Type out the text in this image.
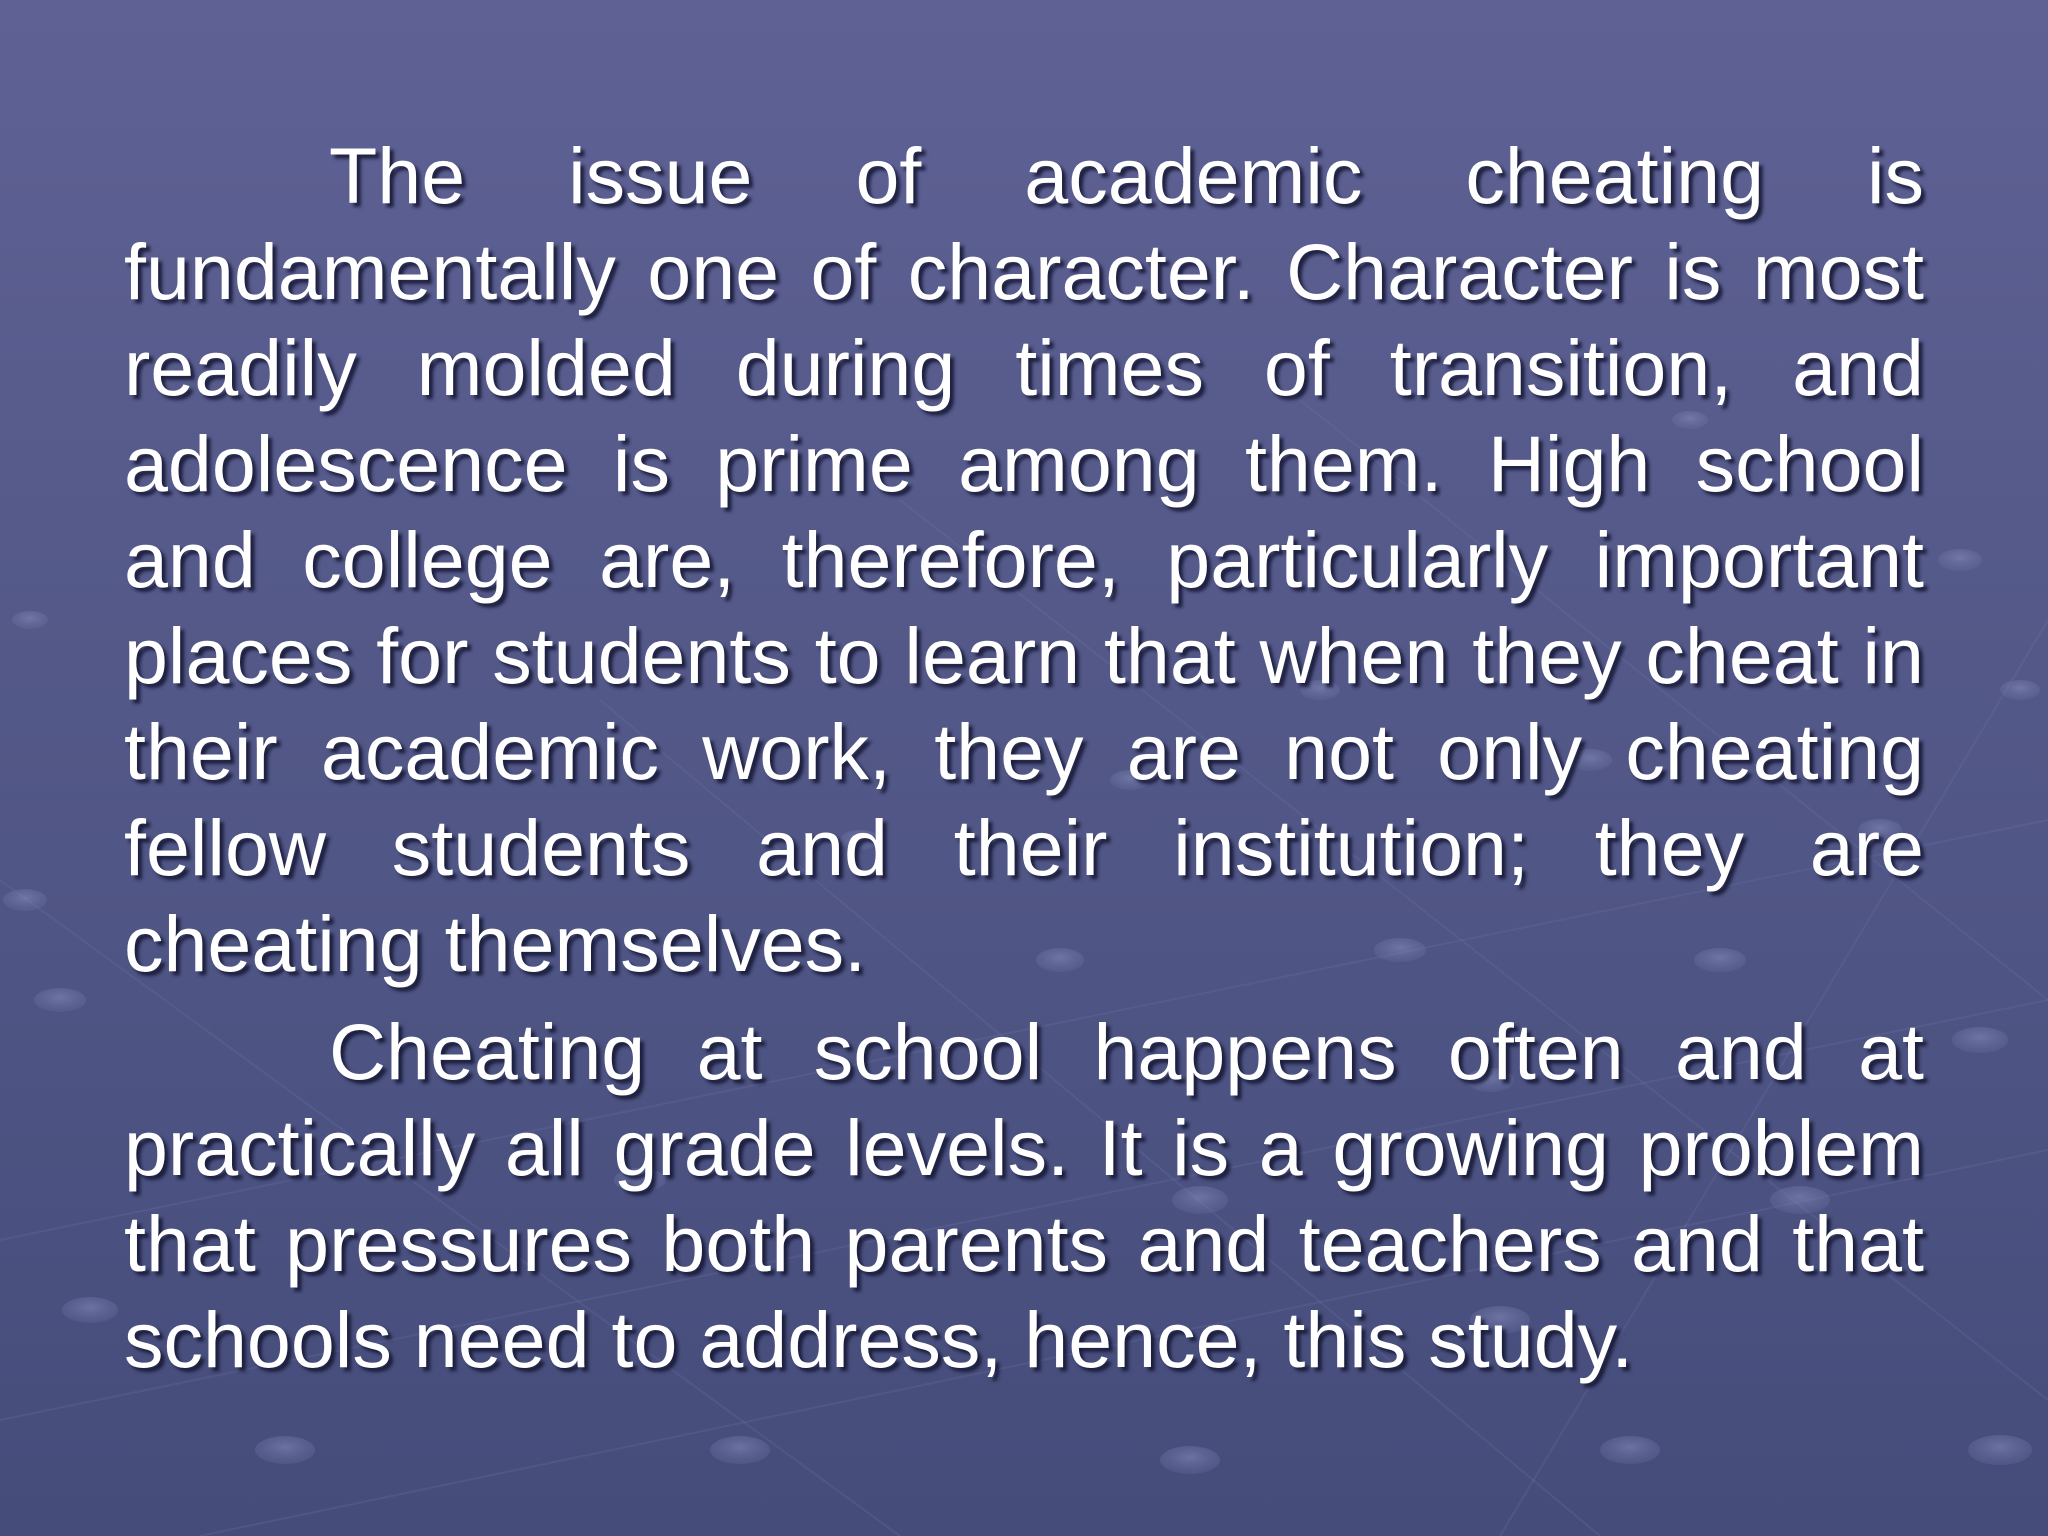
The issue of academic cheating is fundamentally one of character. Character is most readily molded during times of transition, and adolescence is prime among them. High school and college are, therefore, particularly important places for students to learn that when they cheat in their academic work, they are not only cheating fellow students and their institution; they are cheating themselves.

Cheating at school happens often and at practically all grade levels. It is a growing problem that pressures both parents and teachers and that schools need to address, hence, this study.
